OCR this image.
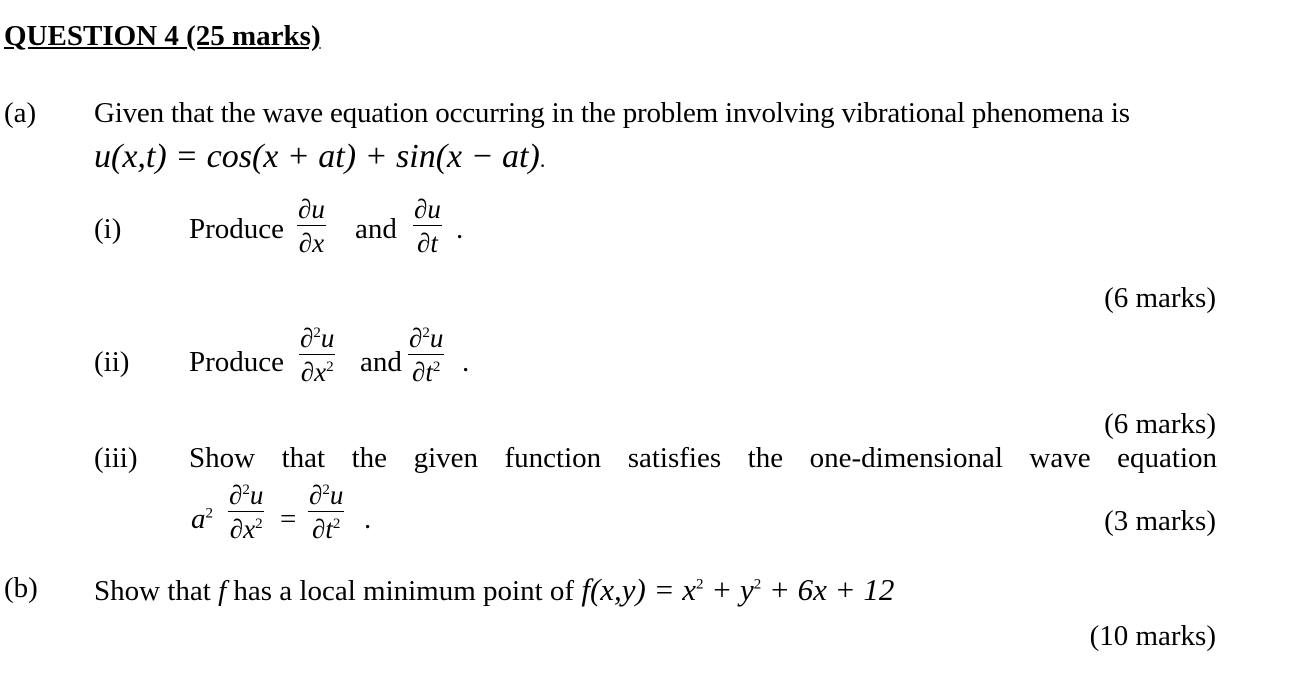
QUESTION 4 (25 marks)
(a) Given that the wave equation occurring in the problem involving vibrational phenomena is
u(x,t) = cos(x + at) + sin(x − at).
(i) Produce
∂u
∂x and
∂u
∂t .
(6 marks)
(ii) Produce
∂$^2$u
$\partial x^2$ and
∂$^2$u
$\partial t^2$ .
(6 marks)
(iii) Show that the given function satisfies the one-dimensional wave equation
$a^2$
∂$^2$u
$\partial x^2$ =
∂$^2$u
$\partial t^2$ .	(3 marks)
(b) Show that f has a local minimum point of $f(x,y) = x^2 + y^2 + 6x + 12$
(10 marks)
